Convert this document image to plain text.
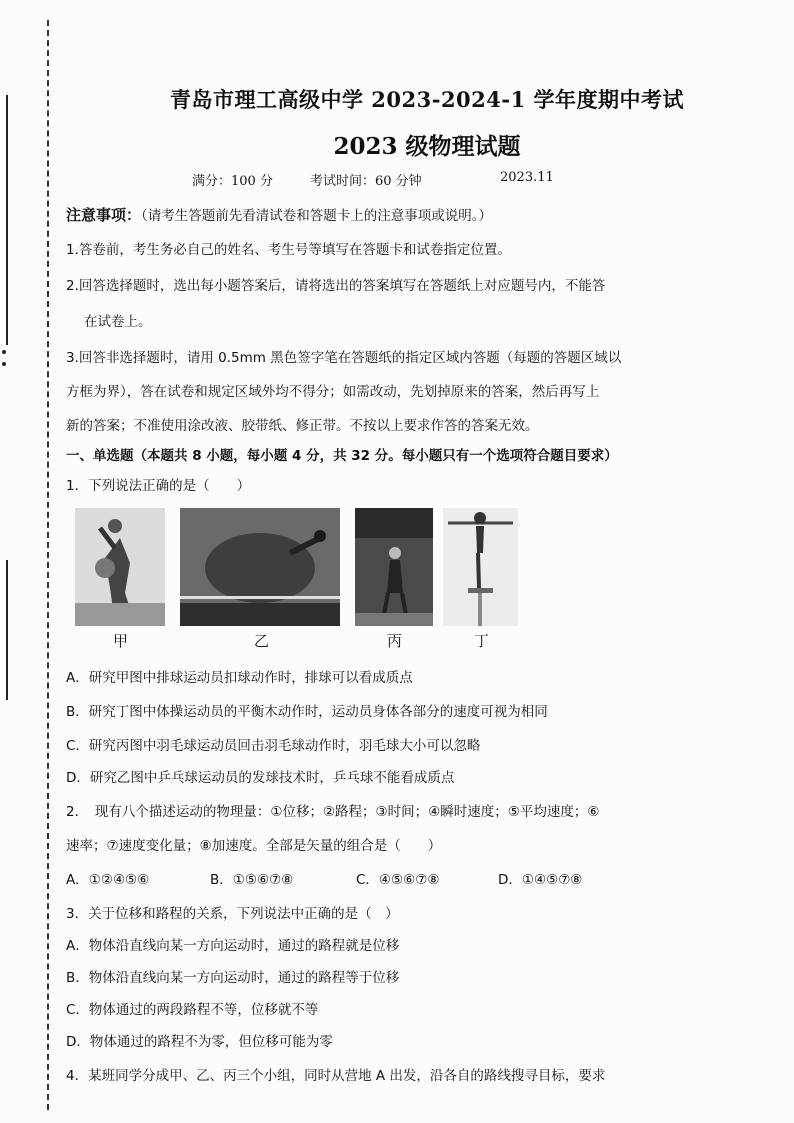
青岛市理工高级中学 2023-2024-1 学年度期中考试
2023 级物理试题
满分：100 分	考试时间：60 分钟	2023.11
注意事项：（请考生答题前先看清试卷和答题卡上的注意事项或说明。）
1.答卷前，考生务必自己的姓名、考生号等填写在答题卡和试卷指定位置。
2.回答选择题时，选出每小题答案后，请将选出的答案填写在答题纸上对应题号内，不能答
在试卷上。
3.回答非选择题时，请用 0.5mm 黑色签字笔在答题纸的指定区域内答题（每题的答题区域以
方框为界），答在试卷和规定区域外均不得分；如需改动，先划掉原来的答案，然后再写上
新的答案；不准使用涂改液、胶带纸、修正带。不按以上要求作答的答案无效。
一、单选题（本题共 8 小题，每小题 4 分，共 32 分。每小题只有一个选项符合题目要求）
1．下列说法正确的是（　　）
甲	乙	丙	丁
A．研究甲图中排球运动员扣球动作时，排球可以看成质点
B．研究丁图中体操运动员的平衡木动作时，运动员身体各部分的速度可视为相同
C．研究丙图中羽毛球运动员回击羽毛球动作时，羽毛球大小可以忽略
D．研究乙图中乒乓球运动员的发球技术时，乒乓球不能看成质点
2．　现有八个描述运动的物理量：①位移；②路程；③时间；④瞬时速度；⑤平均速度；⑥
速率；⑦速度变化量；⑧加速度。全部是矢量的组合是（　　）
A．①②④⑤⑥	B．①⑤⑥⑦⑧	C．④⑤⑥⑦⑧	D．①④⑤⑦⑧
3．关于位移和路程的关系，下列说法中正确的是（　）
A．物体沿直线向某一方向运动时，通过的路程就是位移
B．物体沿直线向某一方向运动时，通过的路程等于位移
C．物体通过的两段路程不等，位移就不等
D．物体通过的路程不为零，但位移可能为零
4．某班同学分成甲、乙、丙三个小组，同时从营地 A 出发，沿各自的路线搜寻目标，要求
